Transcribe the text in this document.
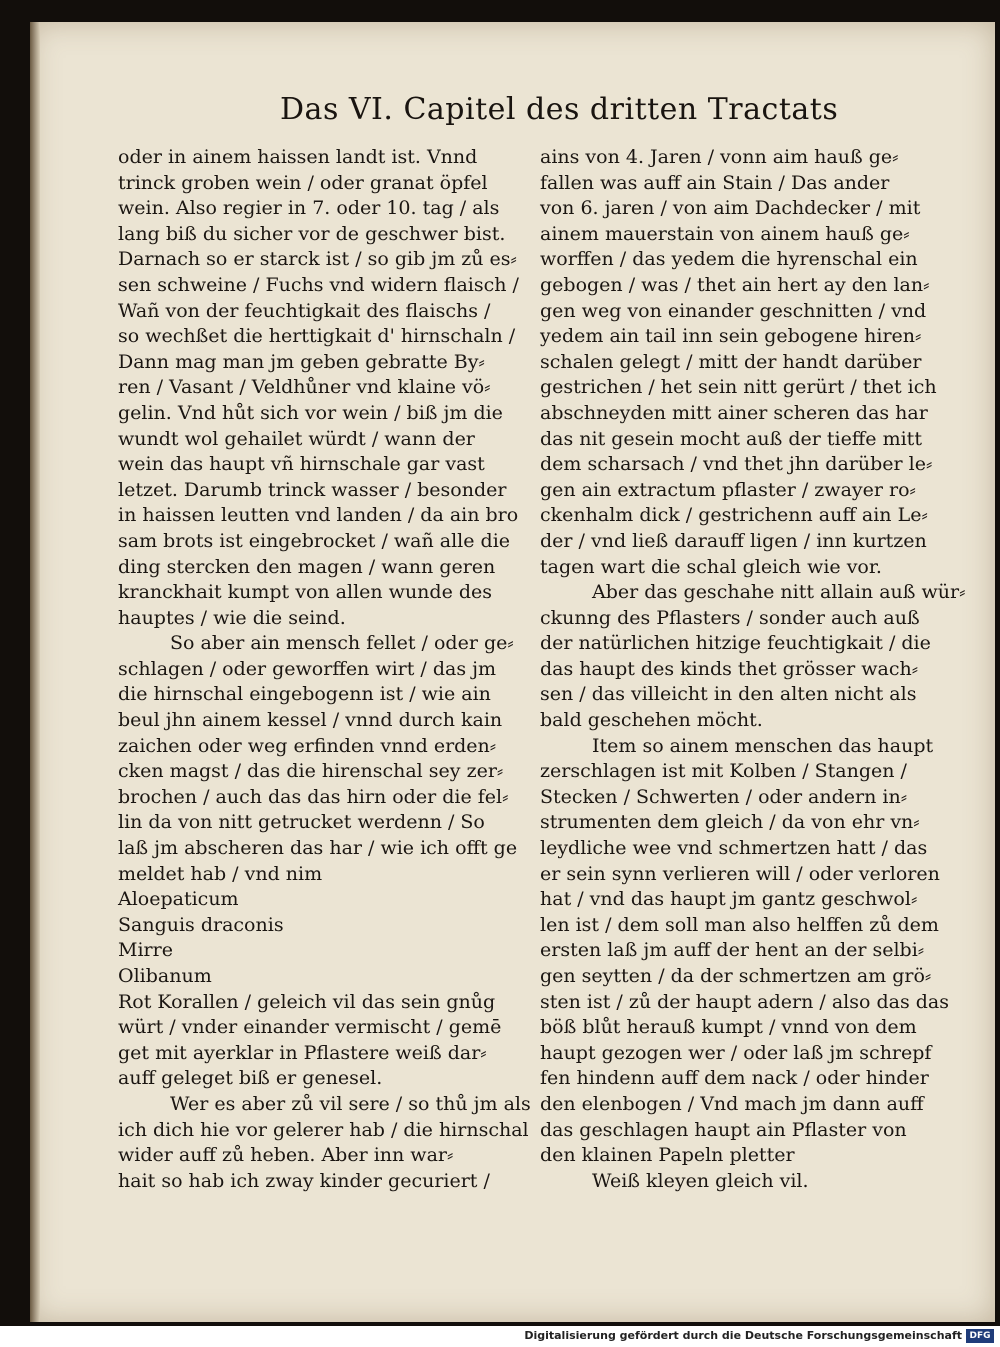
Das VI. Capitel des dritten Tractats
oder in ainem haissen landt ist. Vnnd
trinck groben wein / oder granat öpfel
wein. Also regier in 7. oder 10. tag / als
lang biß du sicher vor de geschwer bist.
Darnach so er starck ist / so gib jm zů es⸗
sen schweine / Fuchs vnd widern flaisch /
Wañ von der feuchtigkait des flaischs /
so wechßet die herttigkait d' hirnschaln /
Dann mag man jm geben gebratte By⸗
ren / Vasant / Veldhůner vnd klaine vö⸗
gelin. Vnd hůt sich vor wein / biß jm die
wundt wol gehailet würdt / wann der
wein das haupt vñ hirnschale gar vast
letzet. Darumb trinck wasser / besonder
in haissen leutten vnd landen / da ain bro
sam brots ist eingebrocket / wañ alle die
ding stercken den magen / wann geren
kranckhait kumpt von allen wunde des
hauptes / wie die seind.
So aber ain mensch fellet / oder ge⸗
schlagen / oder geworffen wirt / das jm
die hirnschal eingebogenn ist / wie ain
beul jhn ainem kessel / vnnd durch kain
zaichen oder weg erfinden vnnd erden⸗
cken magst / das die hirenschal sey zer⸗
brochen / auch das das hirn oder die fel⸗
lin da von nitt getrucket werdenn / So
laß jm abscheren das har / wie ich offt ge
meldet hab / vnd nim
Aloepaticum
Sanguis draconis
Mirre
Olibanum
Rot Korallen / geleich vil das sein gnůg
würt / vnder einander vermischt / gemē
get mit ayerklar in Pflastere weiß dar⸗
auff geleget biß er genesel.
Wer es aber zů vil sere / so thů jm als
ich dich hie vor gelerer hab / die hirnschal
wider auff zů heben. Aber inn war⸗
hait so hab ich zway kinder gecuriert /
ains von 4. Jaren / vonn aim hauß ge⸗
fallen was auff ain Stain / Das ander
von 6. jaren / von aim Dachdecker / mit
ainem mauerstain von ainem hauß ge⸗
worffen / das yedem die hyrenschal ein
gebogen / was / thet ain hert ay den lan⸗
gen weg von einander geschnitten / vnd
yedem ain tail inn sein gebogene hiren⸗
schalen gelegt / mitt der handt darüber
gestrichen / het sein nitt gerürt / thet ich
abschneyden mitt ainer scheren das har
das nit gesein mocht auß der tieffe mitt
dem scharsach / vnd thet jhn darüber le⸗
gen ain extractum pflaster / zwayer ro⸗
ckenhalm dick / gestrichenn auff ain Le⸗
der / vnd ließ darauff ligen / inn kurtzen
tagen wart die schal gleich wie vor.
Aber das geschahe nitt allain auß wür⸗
ckunng des Pflasters / sonder auch auß
der natürlichen hitzige feuchtigkait / die
das haupt des kinds thet grösser wach⸗
sen / das villeicht in den alten nicht als
bald geschehen möcht.
Item so ainem menschen das haupt
zerschlagen ist mit Kolben / Stangen /
Stecken / Schwerten / oder andern in⸗
strumenten dem gleich / da von ehr vn⸗
leydliche wee vnd schmertzen hatt / das
er sein synn verlieren will / oder verloren
hat / vnd das haupt jm gantz geschwol⸗
len ist / dem soll man also helffen zů dem
ersten laß jm auff der hent an der selbi⸗
gen seytten / da der schmertzen am grö⸗
sten ist / zů der haupt adern / also das das
böß blůt herauß kumpt / vnnd von dem
haupt gezogen wer / oder laß jm schrepf
fen hindenn auff dem nack / oder hinder
den elenbogen / Vnd mach jm dann auff
das geschlagen haupt ain Pflaster von
den klainen Papeln pletter
Weiß kleyen gleich vil.
Digitalisierung gefördert durch die Deutsche Forschungsgemeinschaft DFG
